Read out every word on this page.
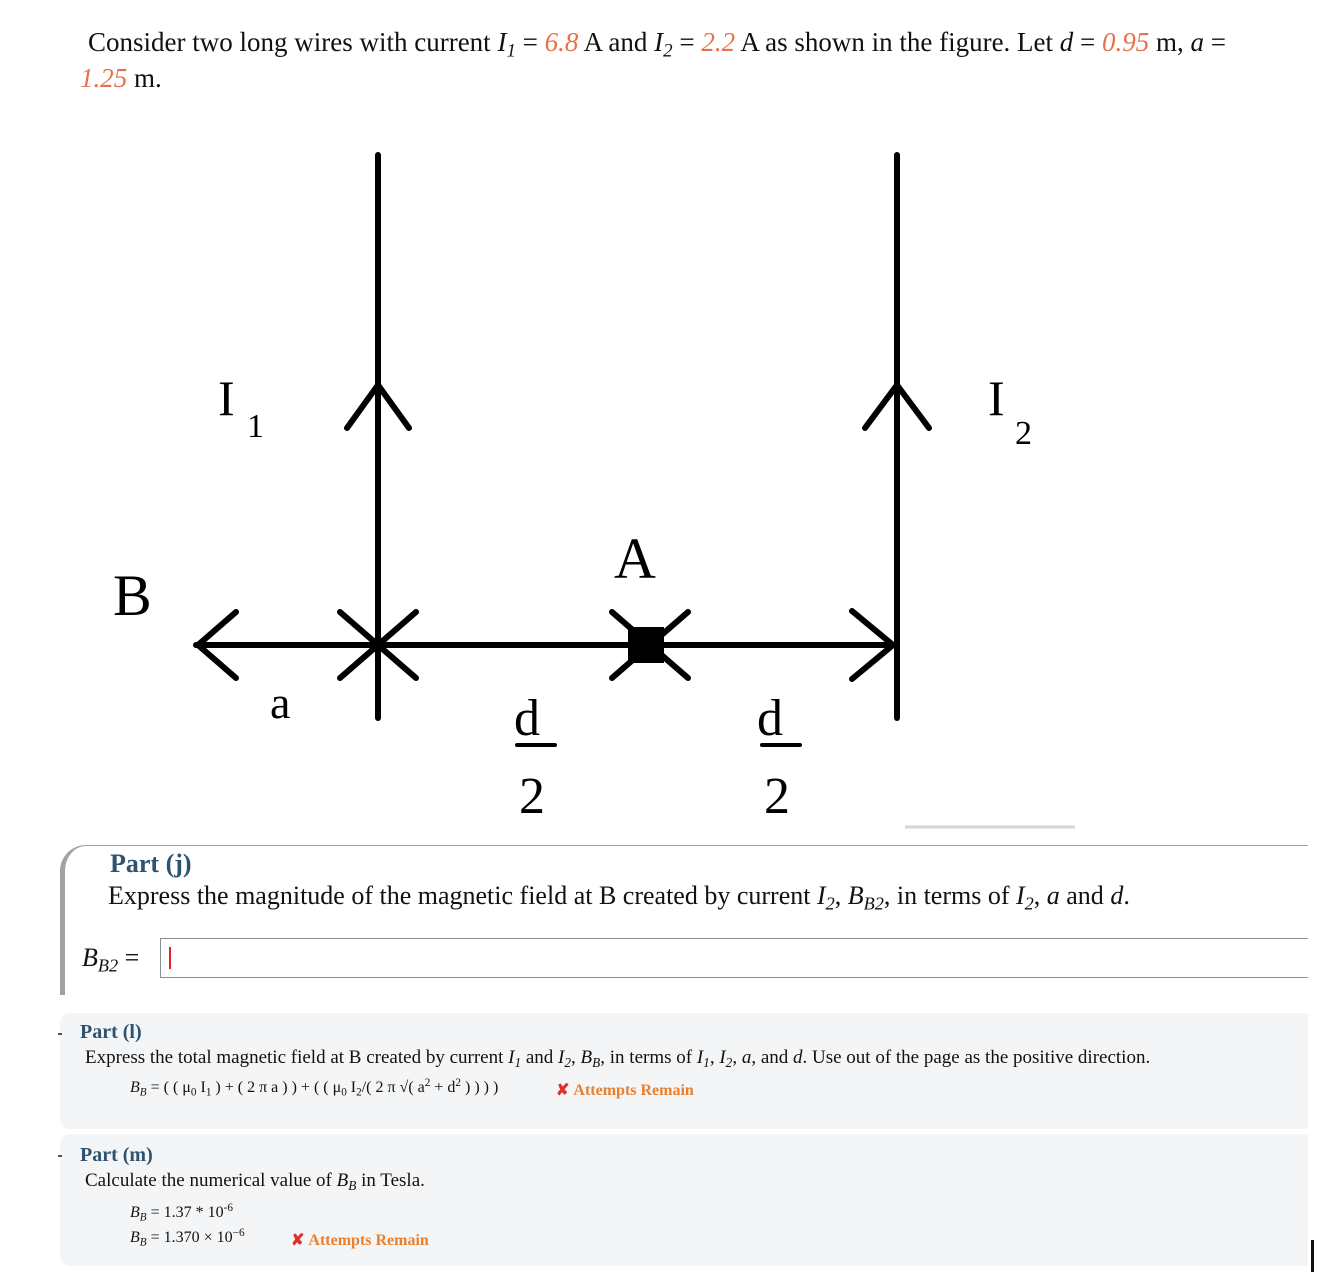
Consider two long wires with current $I_1 = 6.8$ A and $I_2 = 2.2$ A as shown in the figure. Let d = 0.95 m, a =
1.25 m.
I
1
I
2
A
B
a	d
2
d
2
Part (j)
Express the magnitude of the magnetic field at B created by current $I_2$, $B_{B2}$, in terms of $I_2$, a and d.
$B_{B2}$ =
Part (l)
Express the total magnetic field at B created by current $I_1$ and $I_2$, $B_B$, in terms of $I_1$, $I_2$, a, and d. Use out of the page as the positive direction.
$B_B$ = ( ( $\mu_0$ $I_1$ ) + ( 2 π a ) ) + ( ( $\mu_0$ $I_2/$( 2 π √( $a^2 + d^2$ ) ) ) )	✘ Attempts Remain
Part (m)
Calculate the numerical value of $B_B$ in Tesla.
$B_B = 1.37 * 10^{-6}$
$B_B = 1.370 \times 10^{-6}$	✘ Attempts Remain
